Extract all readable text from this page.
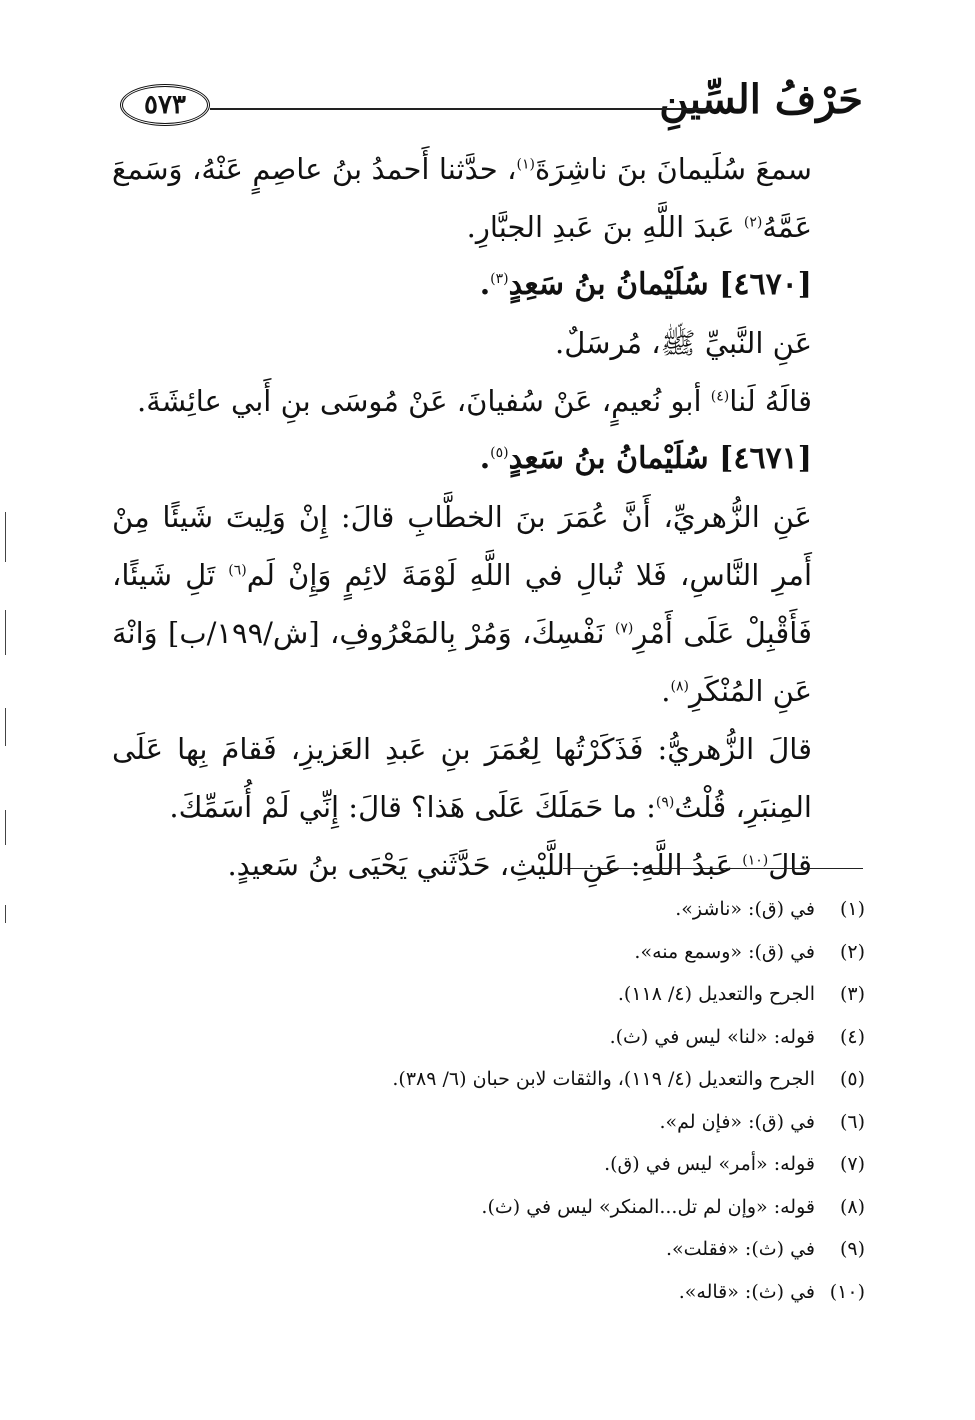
حَرْفُ السِّينِ
٥٧٣

سمعَ سُلَيمانَ بنَ ناشِرَةَ$^{(١)}$، حدَّثنا أَحمدُ بنُ عاصِمٍ عَنْهُ، وَسَمعَ عَمَّهُ$^{(٢)}$ عَبدَ اللَّهِ بنَ عَبدِ الجبَّارِ.

[٤٦٧٠] سُلَيْمانُ بنُ سَعِدٍ$^{(٣)}$.

عَنِ النَّبيِّ ﷺ، مُرسَلٌ.

قالَهُ لَنا$^{(٤)}$ أبو نُعيمٍ، عَنْ سُفيانَ، عَنْ مُوسَى بنِ أَبي عائِشَةَ.

[٤٦٧١] سُلَيْمانُ بنُ سَعِدٍ$^{(٥)}$.

عَنِ الزُّهريِّ، أَنَّ عُمَرَ بنَ الخطَّابِ قالَ: إِنْ وَلِيتَ شَيئًا مِنْ أَمرِ النَّاسِ، فَلا تُبالِ في اللَّهِ لَوْمَةَ لائِمٍ وَإِنْ لَم$^{(٦)}$ تَلِ شَيئًا، فَأَقْبِلْ عَلَى أَمْرِ$^{(٧)}$ نَفْسِكَ، وَمُرْ بِالمَعْرُوفِ، [ش/١٩٩/ب] وَانْهَ عَنِ المُنْكَرِ$^{(٨)}$.

قالَ الزُّهريُّ: فَذَكَرْتُها لِعُمَرَ بنِ عَبدِ العَزيزِ، فَقامَ بِها عَلَى المِنبَرِ، قُلْتُ$^{(٩)}$: ما حَمَلَكَ عَلَى هَذا؟ قالَ: إِنِّي لَمْ أُسَمِّكَ.

قالَ$^{(١٠)}$ عَبدُ اللَّهِ: عَنِ اللَّيْثِ، حَدَّثَني يَحْيَى بنُ سَعيدٍ.

(١)
في (ق): «ناشز».
(٢)
في (ق): «وسمع منه».
(٣)
الجرح والتعديل (٤/ ١١٨).
(٤)
قوله: «لنا» ليس في (ث).
(٥)
الجرح والتعديل (٤/ ١١٩)، والثقات لابن حبان (٦/ ٣٨٩).
(٦)
في (ق): «فإن لم».
(٧)
قوله: «أمر» ليس في (ق).
(٨)
قوله: «وإن لم تل...المنكر» ليس في (ث).
(٩)
في (ث): «فقلت».
(١٠)
في (ث): «قاله».
